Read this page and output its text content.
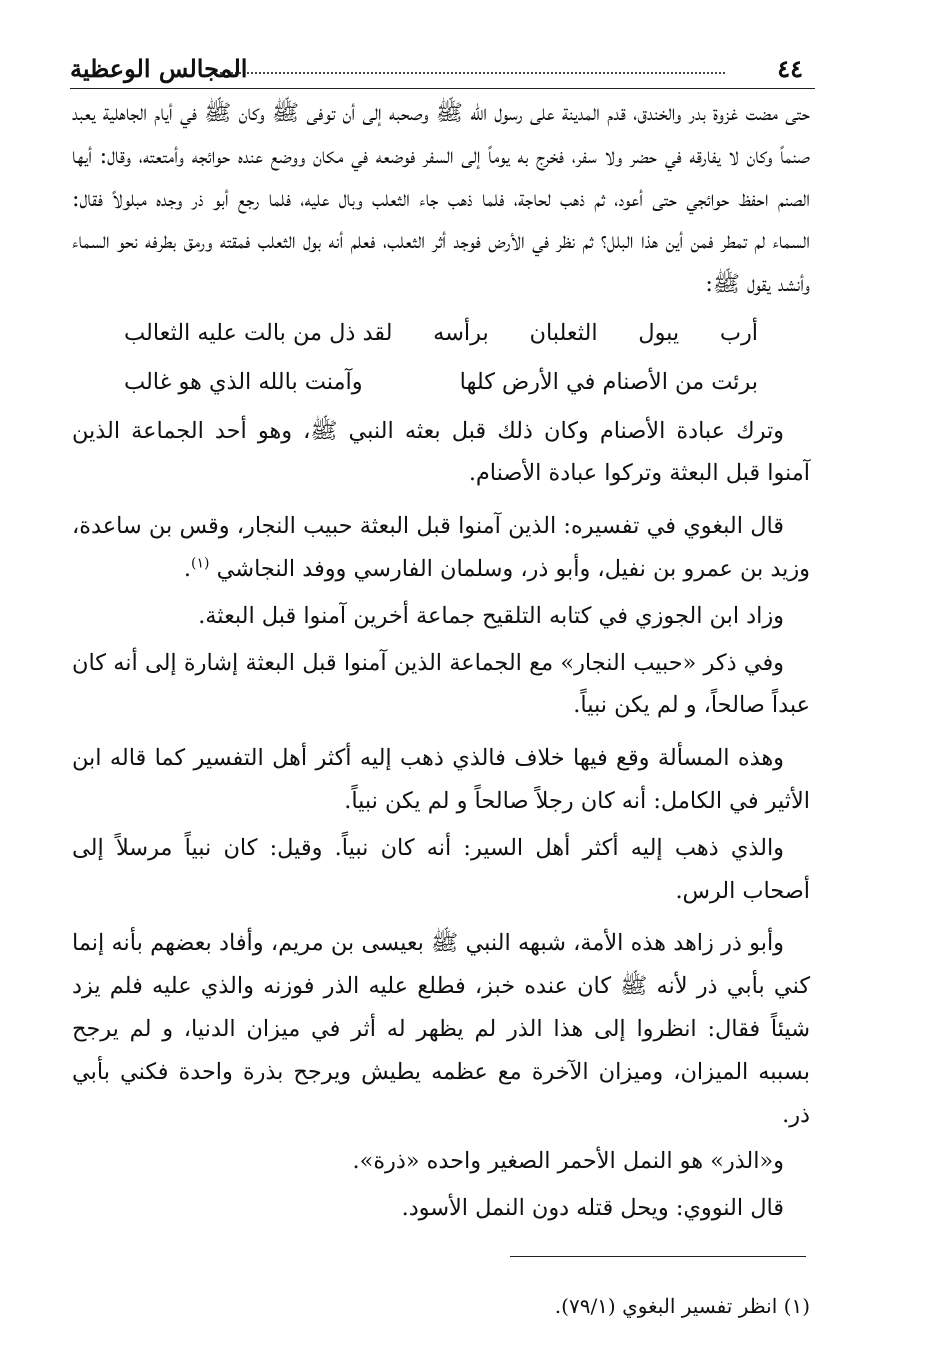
٤٤
المجالس الوعظية

حتى مضت غزوة بدر والخندق، قدم المدينة على رسول الله ﷺ وصحبه إلى أن توفى ﷺ وكان ﷺ في أيام الجاهلية يعبد صنماً وكان لا يفارقه في حضر ولا سفر، فخرج به يوماً إلى السفر فوضعه في مكان ووضع عنده حوائجه وأمتعته، وقال: أيها الصنم احفظ حوائجي حتى أعود، ثم ذهب لحاجة، فلما ذهب جاء الثعلب وبال عليه، فلما رجع أبو ذر وجده مبلولاً فقال: السماء لم تمطر فمن أين هذا البلل؟ ثم نظر في الأرض فوجد أثر الثعلب، فعلم أنه بول الثعلب فمقته ورمق بطرفه نحو السماء وأنشد يقول ﷺ:

أرب
يبول
الثعلبان
برأسه
لقد ذل من بالت عليه الثعالب
برئت من الأصنام في الأرض كلها
وآمنت بالله الذي هو غالب

وترك عبادة الأصنام وكان ذلك قبل بعثه النبي ﷺ، وهو أحد الجماعة الذين آمنوا قبل البعثة وتركوا عبادة الأصنام.

قال البغوي في تفسيره: الذين آمنوا قبل البعثة حبيب النجار، وقس بن ساعدة، وزيد بن عمرو بن نفيل، وأبو ذر، وسلمان الفارسي ووفد النجاشي $^{(١)}$.

وزاد ابن الجوزي في كتابه التلقيح جماعة أخرين آمنوا قبل البعثة.

وفي ذكر «حبيب النجار» مع الجماعة الذين آمنوا قبل البعثة إشارة إلى أنه كان عبداً صالحاً، و لم يكن نبياً.

وهذه المسألة وقع فيها خلاف فالذي ذهب إليه أكثر أهل التفسير كما قاله ابن الأثير في الكامل: أنه كان رجلاً صالحاً و لم يكن نبياً.

والذي ذهب إليه أكثر أهل السير: أنه كان نبياً. وقيل: كان نبياً مرسلاً إلى أصحاب الرس.

وأبو ذر زاهد هذه الأمة، شبهه النبي ﷺ بعيسى بن مريم، وأفاد بعضهم بأنه إنما كني بأبي ذر لأنه ﷺ كان عنده خبز، فطلع عليه الذر فوزنه والذي عليه فلم يزد شيئاً فقال: انظروا إلى هذا الذر لم يظهر له أثر في ميزان الدنيا، و لم يرجح بسببه الميزان، وميزان الآخرة مع عظمه يطيش ويرجح بذرة واحدة فكني بأبي ذر.

و«الذر» هو النمل الأحمر الصغير واحده «ذرة».

قال النووي: ويحل قتله دون النمل الأسود.

(١) انظر تفسير البغوي (٧٩/١).
